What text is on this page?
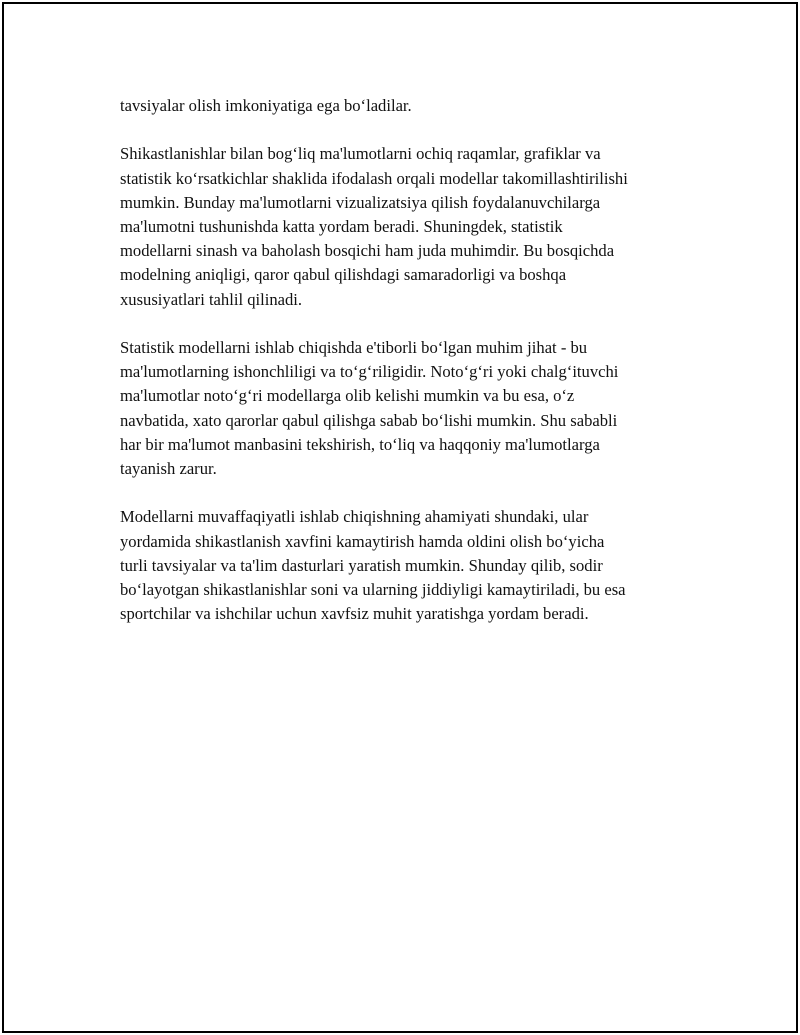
tavsiyalar olish imkoniyatiga ega bo‘ladilar.

Shikastlanishlar bilan bog‘liq ma'lumotlarni ochiq raqamlar, grafiklar va
statistik ko‘rsatkichlar shaklida ifodalash orqali modellar takomillashtirilishi
mumkin. Bunday ma'lumotlarni vizualizatsiya qilish foydalanuvchilarga
ma'lumotni tushunishda katta yordam beradi. Shuningdek, statistik
modellarni sinash va baholash bosqichi ham juda muhimdir. Bu bosqichda
modelning aniqligi, qaror qabul qilishdagi samaradorligi va boshqa
xususiyatlari tahlil qilinadi.

Statistik modellarni ishlab chiqishda e'tiborli bo‘lgan muhim jihat - bu
ma'lumotlarning ishonchliligi va to‘g‘riligidir. Noto‘g‘ri yoki chalg‘ituvchi
ma'lumotlar noto‘g‘ri modellarga olib kelishi mumkin va bu esa, o‘z
navbatida, xato qarorlar qabul qilishga sabab bo‘lishi mumkin. Shu sababli
har bir ma'lumot manbasini tekshirish, to‘liq va haqqoniy ma'lumotlarga
tayanish zarur.

Modellarni muvaffaqiyatli ishlab chiqishning ahamiyati shundaki, ular
yordamida shikastlanish xavfini kamaytirish hamda oldini olish bo‘yicha
turli tavsiyalar va ta'lim dasturlari yaratish mumkin. Shunday qilib, sodir
bo‘layotgan shikastlanishlar soni va ularning jiddiyligi kamaytiriladi, bu esa
sportchilar va ishchilar uchun xavfsiz muhit yaratishga yordam beradi.
